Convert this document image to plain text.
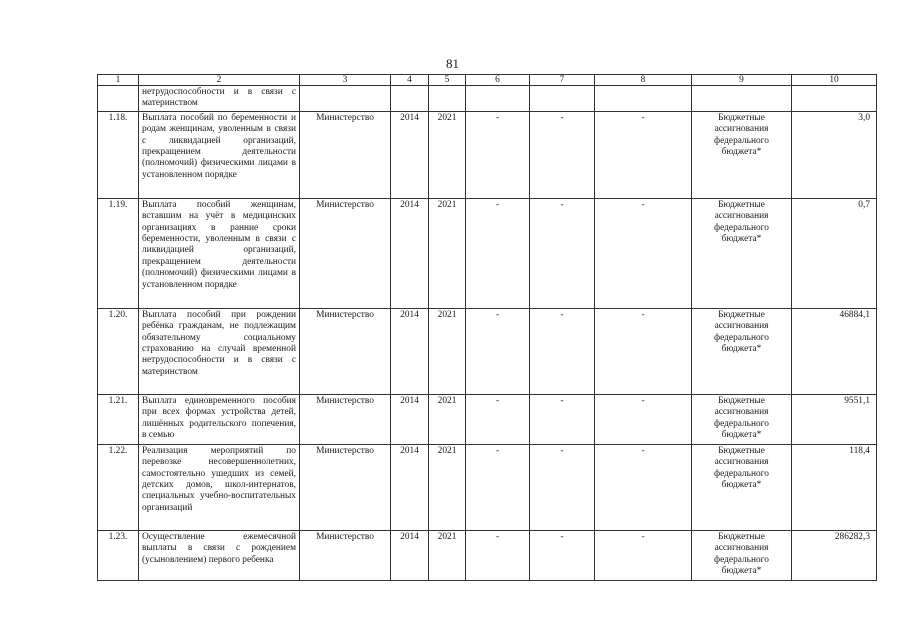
81
1	2	3	4	5	6	7	8	9	10
	нетрудоспособности и в связи с материнством								
1.18.	Выплата пособий по беременности и родам женщинам, уволенным в связи с ликвидацией организаций, прекращением деятельности (полномочий) физическими лицами в установленном порядке	Министерство	2014	2021	-	-	-	Бюджетные ассигнования федерального бюджета*	3,0
1.19.	Выплата пособий женщинам, вставшим на учёт в медицинских организациях в ранние сроки беременности, уволенным в связи с ликвидацией организаций, прекращением деятельности (полномочий) физическими лицами в установленном порядке	Министерство	2014	2021	-	-	-	Бюджетные ассигнования федерального бюджета*	0,7
1.20.	Выплата пособий при рождении ребёнка гражданам, не подлежащим обязательному социальному страхованию на случай временной нетрудоспособности и в связи с материнством	Министерство	2014	2021	-	-	-	Бюджетные ассигнования федерального бюджета*	46884,1
1.21.	Выплата единовременного пособия при всех формах устройства детей, лишённых родительского попечения, в семью	Министерство	2014	2021	-	-	-	Бюджетные ассигнования федерального бюджета*	9551,1
1.22.	Реализация мероприятий по перевозке несовершеннолетних, самостоятельно ушедших из семей, детских домов, школ-интернатов, специальных учебно-воспитательных организаций	Министерство	2014	2021	-	-	-	Бюджетные ассигнования федерального бюджета*	118,4
1.23.	Осуществление ежемесячной выплаты в связи с рождением (усыновлением) первого ребенка	Министерство	2014	2021	-	-	-	Бюджетные ассигнования федерального бюджета*	286282,3
